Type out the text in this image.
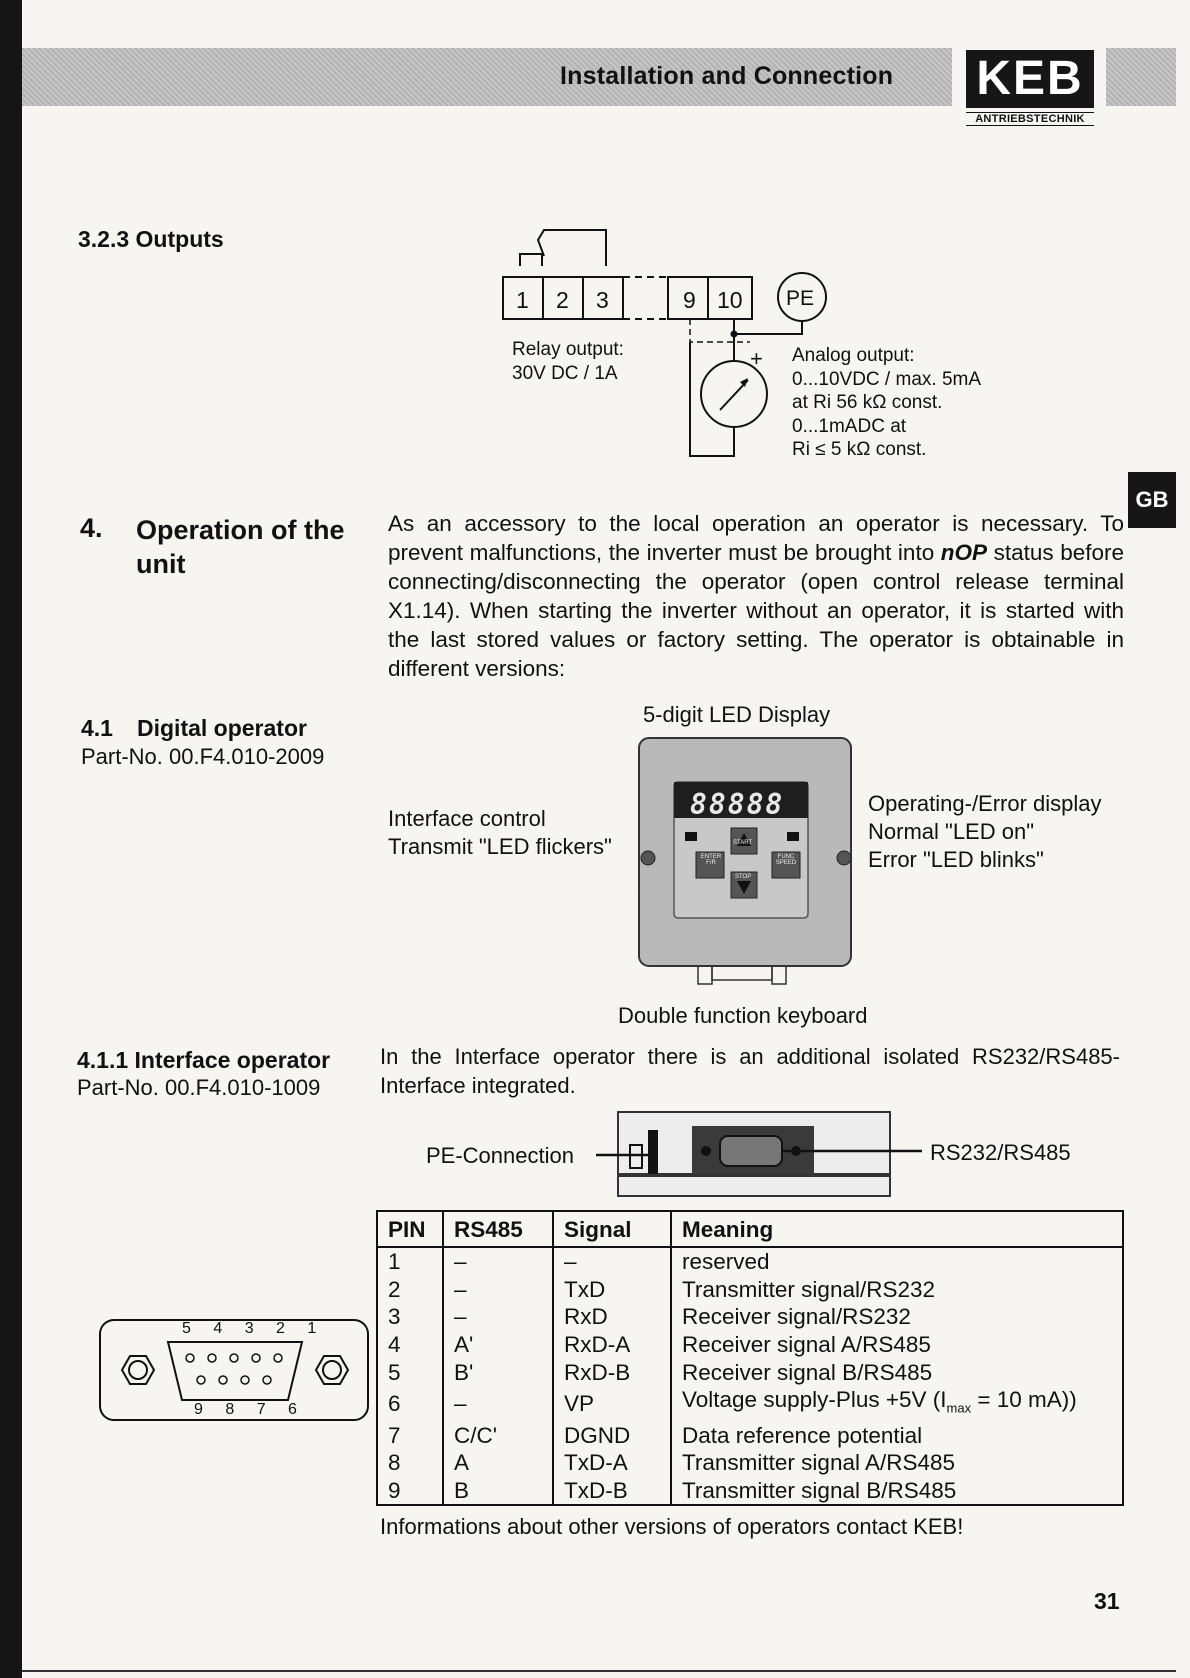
Installation and Connection KEB
ANTRIEBSTECHNIK
GB
3.2.3 Outputs
1 2 3	9 10 PE
+
Relay output:
30V DC / 1A
Analog output:
0...10VDC / max. 5mA
at Ri 56 kΩ const.
0...1mADC at
Ri ≤ 5 kΩ const.
4. Operation of the
unit
As an accessory to the local operation an operator is necessary. To prevent malfunctions, the inverter must be brought into nOP status before connecting/disconnecting the operator (open control release terminal X1.14). When starting the inverter without an operator, it is started with the last stored values or factory setting. The operator is obtainable in different versions:
4.1 Digital operator
Part-No. 00.F4.010-2009
5-digit LED Display
Interface control
Transmit "LED flickers"
Operating-/Error display
Normal "LED on"
Error "LED blinks"
Double function keyboard
88888
START
ENTER F/R
FUNC SPEED
STOP
4.1.1 Interface operator
Part-No. 00.F4.010-1009
In the Interface operator there is an additional isolated RS232/RS485-Interface integrated.
PE-Connection	RS232/RS485
5 4 3 2 1
9 8 7 6
PIN	RS485	Signal	Meaning
1	–	–	reserved
2	–	TxD	Transmitter signal/RS232
3	–	RxD	Receiver signal/RS232
4	A'	RxD-A	Receiver signal A/RS485
5	B'	RxD-B	Receiver signal B/RS485
6	–	VP	Voltage supply-Plus +5V ($I_{max} = 10$ mA))
7	C/C'	DGND	Data reference potential
8	A	TxD-A	Transmitter signal A/RS485
9	B	TxD-B	Transmitter signal B/RS485
Informations about other versions of operators contact KEB!
31
